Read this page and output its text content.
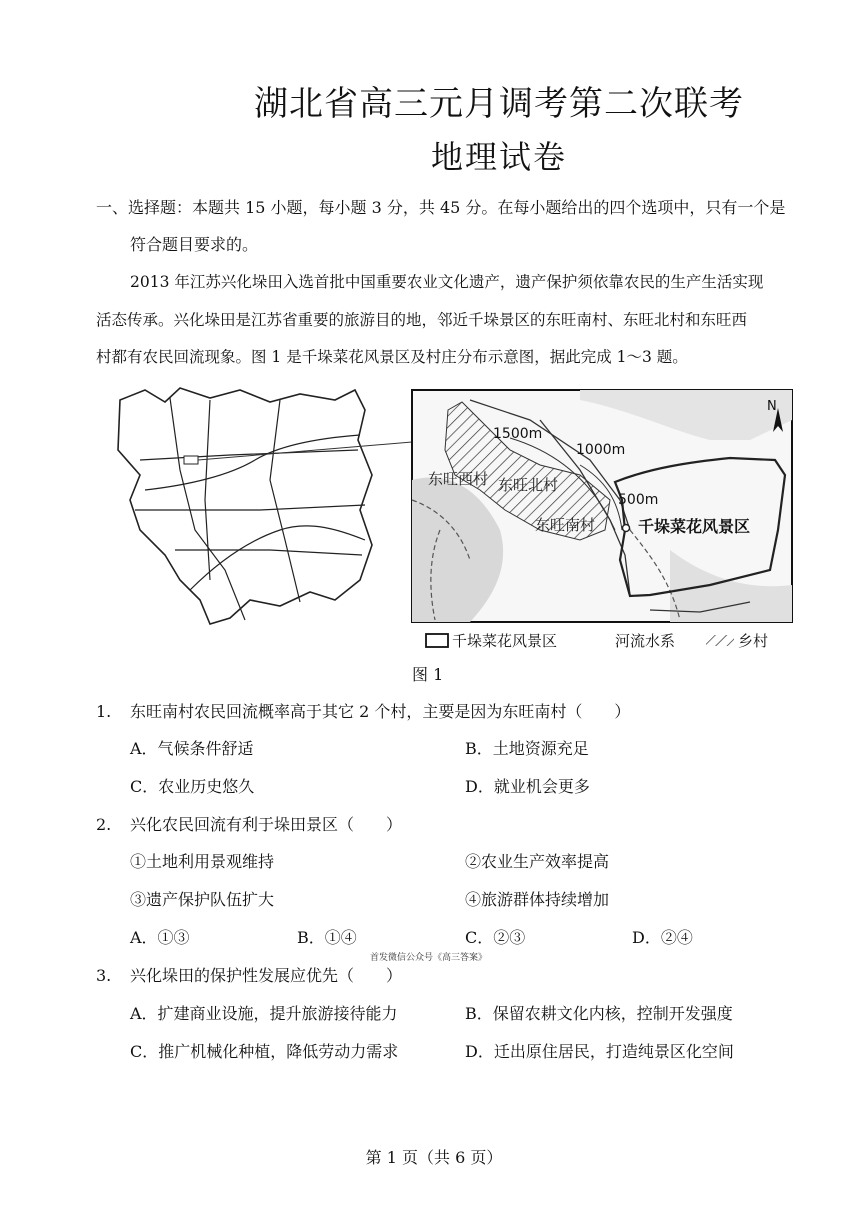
湖北省高三元月调考第二次联考
地理试卷
一、选择题：本题共 15 小题，每小题 3 分，共 45 分。在每小题给出的四个选项中，只有一个是
符合题目要求的。
2013 年江苏兴化垛田入选首批中国重要农业文化遗产，遗产保护须依靠农民的生产生活实现
活态传承。兴化垛田是江苏省重要的旅游目的地，邻近千垛景区的东旺南村、东旺北村和东旺西
村都有农民回流现象。图 1 是千垛菜花风景区及村庄分布示意图，据此完成 1～3 题。
1500m
1000m
500m
东旺西村 东旺北村
东旺南村	千垛菜花风景区
N
千垛菜花风景区	河流水系	乡村
图 1
1. 东旺南村农民回流概率高于其它 2 个村，主要是因为东旺南村（　　）
A．气候条件舒适	B．土地资源充足
C．农业历史悠久	D．就业机会更多
2. 兴化农民回流有利于垛田景区（　　）
①土地利用景观维持	②农业生产效率提高
③遗产保护队伍扩大	④旅游群体持续增加
A．①③	B．①④	C．②③	D．②④
首发微信公众号《高三答案》
3. 兴化垛田的保护性发展应优先（　　）
A．扩建商业设施，提升旅游接待能力	B．保留农耕文化内核，控制开发强度
C．推广机械化种植，降低劳动力需求	D．迁出原住居民，打造纯景区化空间
第 1 页（共 6 页）
